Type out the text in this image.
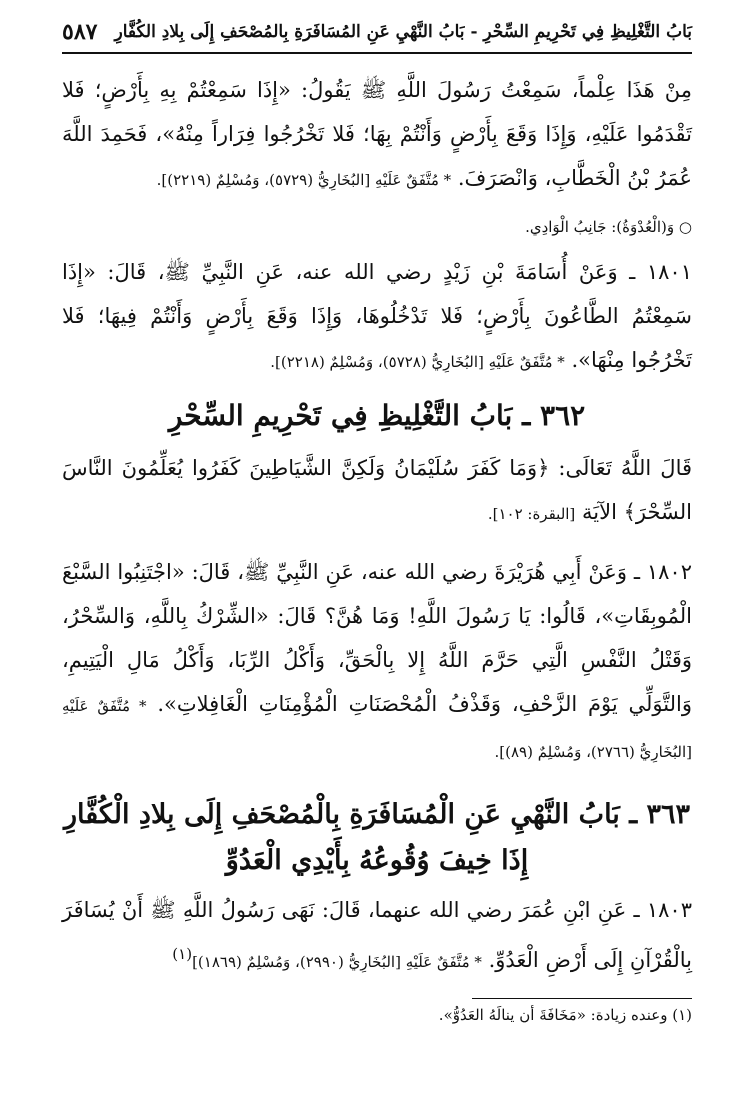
بَابُ التَّغْلِيظِ فِي تَحْرِيمِ السِّحْرِ - بَابُ النَّهْيِ عَنِ المُسَافَرَةِ بِالمُصْحَفِ إِلَى بِلادِ الكُفَّارِ
٥٨٧

مِنْ هَذَا عِلْماً، سَمِعْتُ رَسُولَ اللَّهِ ﷺ يَقُولُ: «إِذَا سَمِعْتُمْ بِهِ بِأَرْضٍ؛ فَلا تَقْدَمُوا عَلَيْهِ، وَإِذَا وَقَعَ بِأَرْضٍ وَأَنْتُمْ بِهَا؛ فَلا تَخْرُجُوا فِرَاراً مِنْهُ»، فَحَمِدَ اللَّهَ عُمَرُ بْنُ الْخَطَّابِ، وَانْصَرَفَ. * مُتَّفَقٌ عَلَيْهِ [البُخَارِيُّ (٥٧٢٩)، وَمُسْلِمٌ (٢٢١٩)].

○ وَ(الْعُدْوَةُ): جَانِبُ الْوَادِي.

١٨٠١ ـ وَعَنْ أُسَامَةَ بْنِ زَيْدٍ رضي الله عنه، عَنِ النَّبِيِّ ﷺ، قَالَ: «إِذَا سَمِعْتُمُ الطَّاعُونَ بِأَرْضٍ؛ فَلا تَدْخُلُوهَا، وَإِذَا وَقَعَ بِأَرْضٍ وَأَنْتُمْ فِيهَا؛ فَلا تَخْرُجُوا مِنْهَا». * مُتَّفَقٌ عَلَيْهِ [البُخَارِيُّ (٥٧٢٨)، وَمُسْلِمٌ (٢٢١٨)].

٣٦٢ ـ بَابُ التَّغْلِيظِ فِي تَحْرِيمِ السِّحْرِ

قَالَ اللَّهُ تَعَالَى: ﴿وَمَا كَفَرَ سُلَيْمَانُ وَلَكِنَّ الشَّيَاطِينَ كَفَرُوا يُعَلِّمُونَ النَّاسَ السِّحْرَ﴾ الآيَة [البقرة: ١٠٢].

١٨٠٢ ـ وَعَنْ أَبِي هُرَيْرَةَ رضي الله عنه، عَنِ النَّبِيِّ ﷺ، قَالَ: «اجْتَنِبُوا السَّبْعَ الْمُوبِقَاتِ»، قَالُوا: يَا رَسُولَ اللَّهِ! وَمَا هُنَّ؟ قَالَ: «الشِّرْكُ بِاللَّهِ، وَالسِّحْرُ، وَقَتْلُ النَّفْسِ الَّتِي حَرَّمَ اللَّهُ إِلا بِالْحَقِّ، وَأَكْلُ الرِّبَا، وَأَكْلُ مَالِ الْيَتِيمِ، وَالتَّوَلِّي يَوْمَ الزَّحْفِ، وَقَذْفُ الْمُحْصَنَاتِ الْمُؤْمِنَاتِ الْغَافِلاتِ». * مُتَّفَقٌ عَلَيْهِ [البُخَارِيُّ (٢٧٦٦)، وَمُسْلِمٌ (٨٩)].

٣٦٣ ـ بَابُ النَّهْيِ عَنِ الْمُسَافَرَةِ بِالْمُصْحَفِ إِلَى بِلادِ الْكُفَّارِ
إِذَا خِيفَ وُقُوعُهُ بِأَيْدِي الْعَدُوِّ

١٨٠٣ ـ عَنِ ابْنِ عُمَرَ رضي الله عنهما، قَالَ: نَهَى رَسُولُ اللَّهِ ﷺ أَنْ يُسَافَرَ بِالْقُرْآنِ إِلَى أَرْضِ الْعَدُوِّ. * مُتَّفَقٌ عَلَيْهِ [البُخَارِيُّ (٢٩٩٠)، وَمُسْلِمٌ (١٨٦٩)]$^{(١)}$

(١) وعنده زيادة: «مَخَافَةَ أن ينالَهُ العَدُوُّ».
